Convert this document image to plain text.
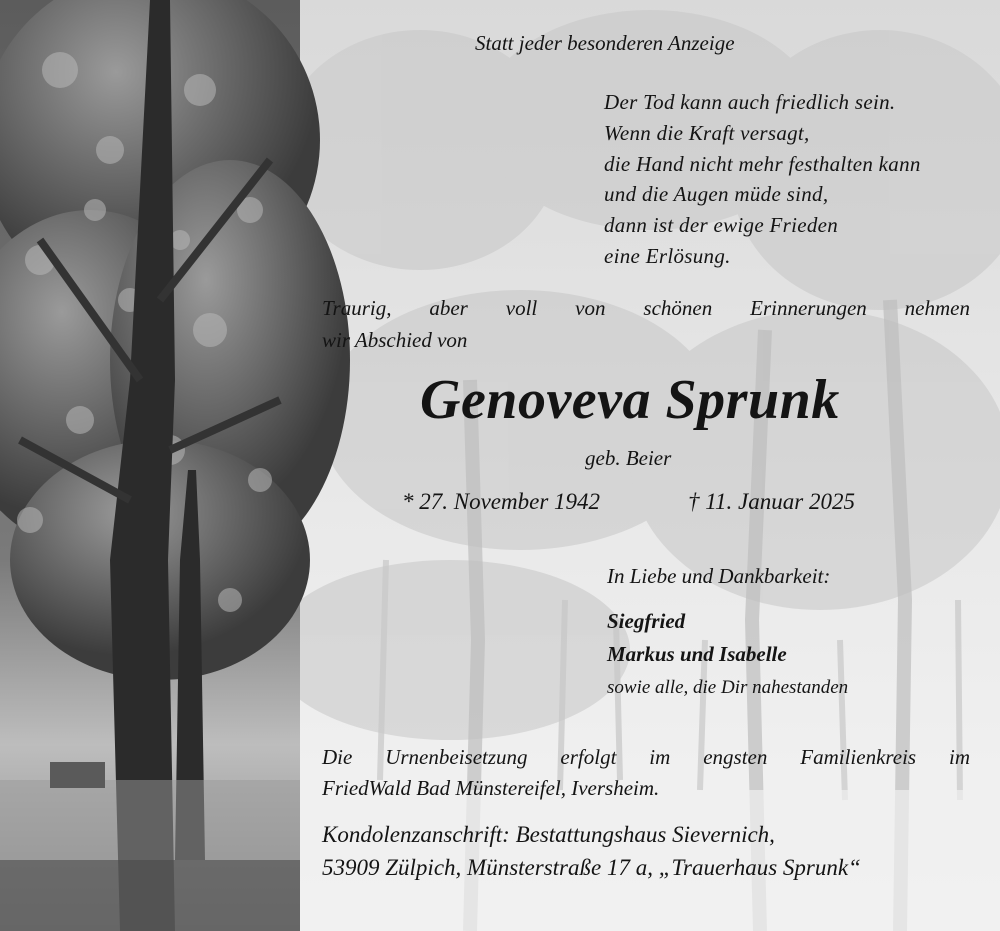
Statt jeder besonderen Anzeige

Der Tod kann auch friedlich sein.
Wenn die Kraft versagt,
die Hand nicht mehr festhalten kann
und die Augen müde sind,
dann ist der ewige Frieden
eine Erlösung.

Traurig, aber voll von schönen Erinnerungen nehmen

wir Abschied von

Genoveva Sprunk

geb. Beier

* 27. November 1942	† 11. Januar 2025

In Liebe und Dankbarkeit:

Siegfried

Markus und Isabelle

sowie alle, die Dir nahestanden

Die Urnenbeisetzung erfolgt im engsten Familienkreis im

FriedWald Bad Münstereifel, Iversheim.

Kondolenzanschrift: Bestattungshaus Sievernich,

53909 Zülpich, Münsterstraße 17 a, „Trauerhaus Sprunk“
